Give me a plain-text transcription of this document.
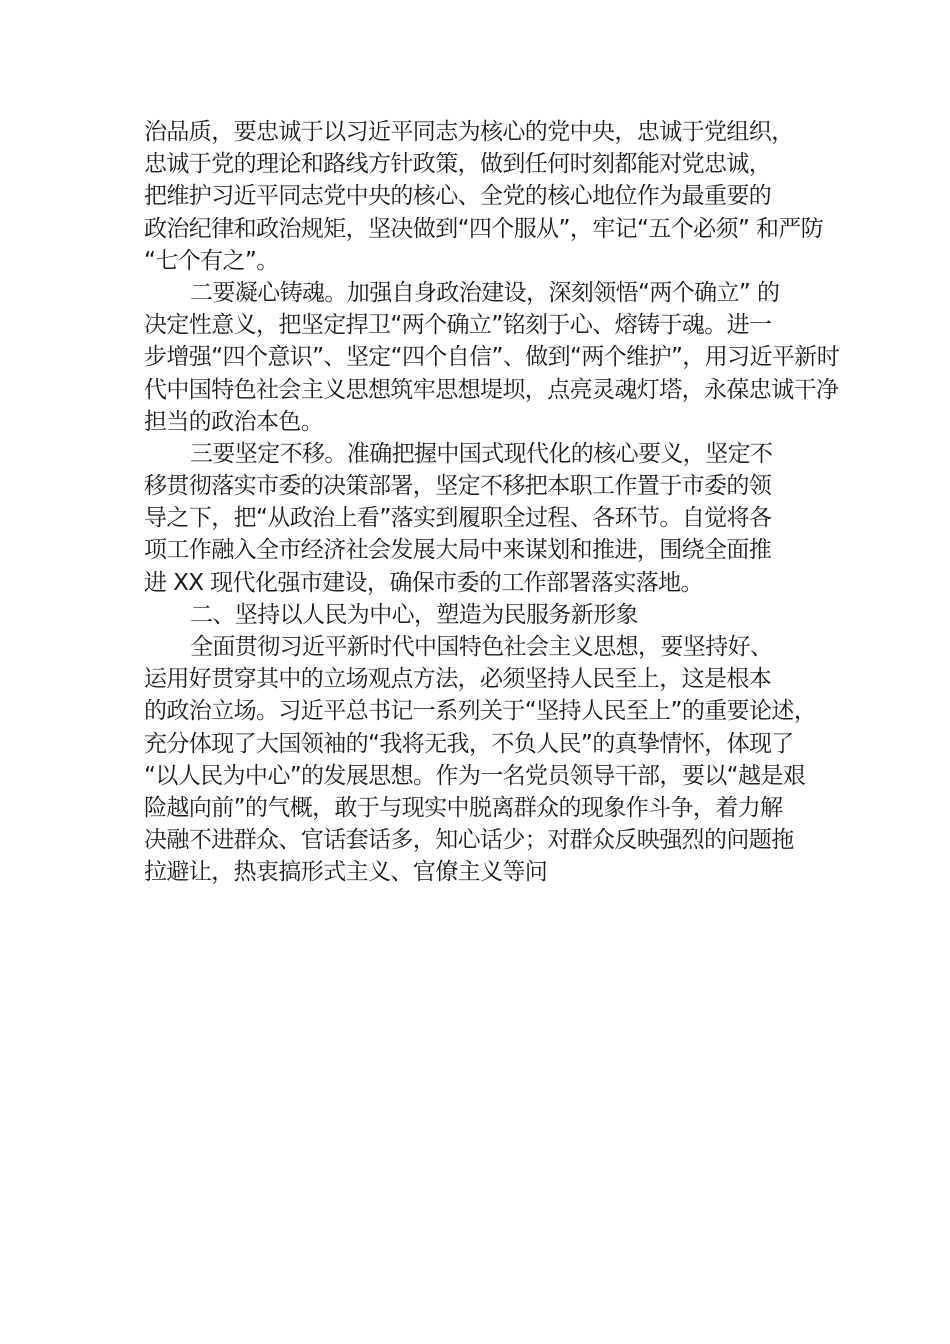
治品质，要忠诚于以习近平同志为核心的党中央，忠诚于党组织，
忠诚于党的理论和路线方针政策，做到任何时刻都能对党忠诚，
把维护习近平同志党中央的核心、全党的核心地位作为最重要的
政治纪律和政治规矩，坚决做到“四个服从”，牢记“五个必须” 和严防
“七个有之”。
二要凝心铸魂。加强自身政治建设，深刻领悟“两个确立” 的
决定性意义，把坚定捍卫“两个确立”铭刻于心、熔铸于魂。进一
步增强“四个意识”、坚定“四个自信”、做到“两个维护”，用习近平新时
代中国特色社会主义思想筑牢思想堤坝，点亮灵魂灯塔，永葆忠诚干净
担当的政治本色。
三要坚定不移。准确把握中国式现代化的核心要义，坚定不
移贯彻落实市委的决策部署，坚定不移把本职工作置于市委的领
导之下，把“从政治上看”落实到履职全过程、各环节。自觉将各
项工作融入全市经济社会发展大局中来谋划和推进，围绕全面推
进 XX 现代化强市建设，确保市委的工作部署落实落地。
二、坚持以人民为中心，塑造为民服务新形象
全面贯彻习近平新时代中国特色社会主义思想，要坚持好、
运用好贯穿其中的立场观点方法，必须坚持人民至上，这是根本
的政治立场。习近平总书记一系列关于“坚持人民至上”的重要论述，
充分体现了大国领袖的“我将无我，不负人民”的真挚情怀，体现了
“以人民为中心”的发展思想。作为一名党员领导干部，要以“越是艰
险越向前”的气概，敢于与现实中脱离群众的现象作斗争，着力解
决融不进群众、官话套话多，知心话少；对群众反映强烈的问题拖
拉避让，热衷搞形式主义、官僚主义等问
